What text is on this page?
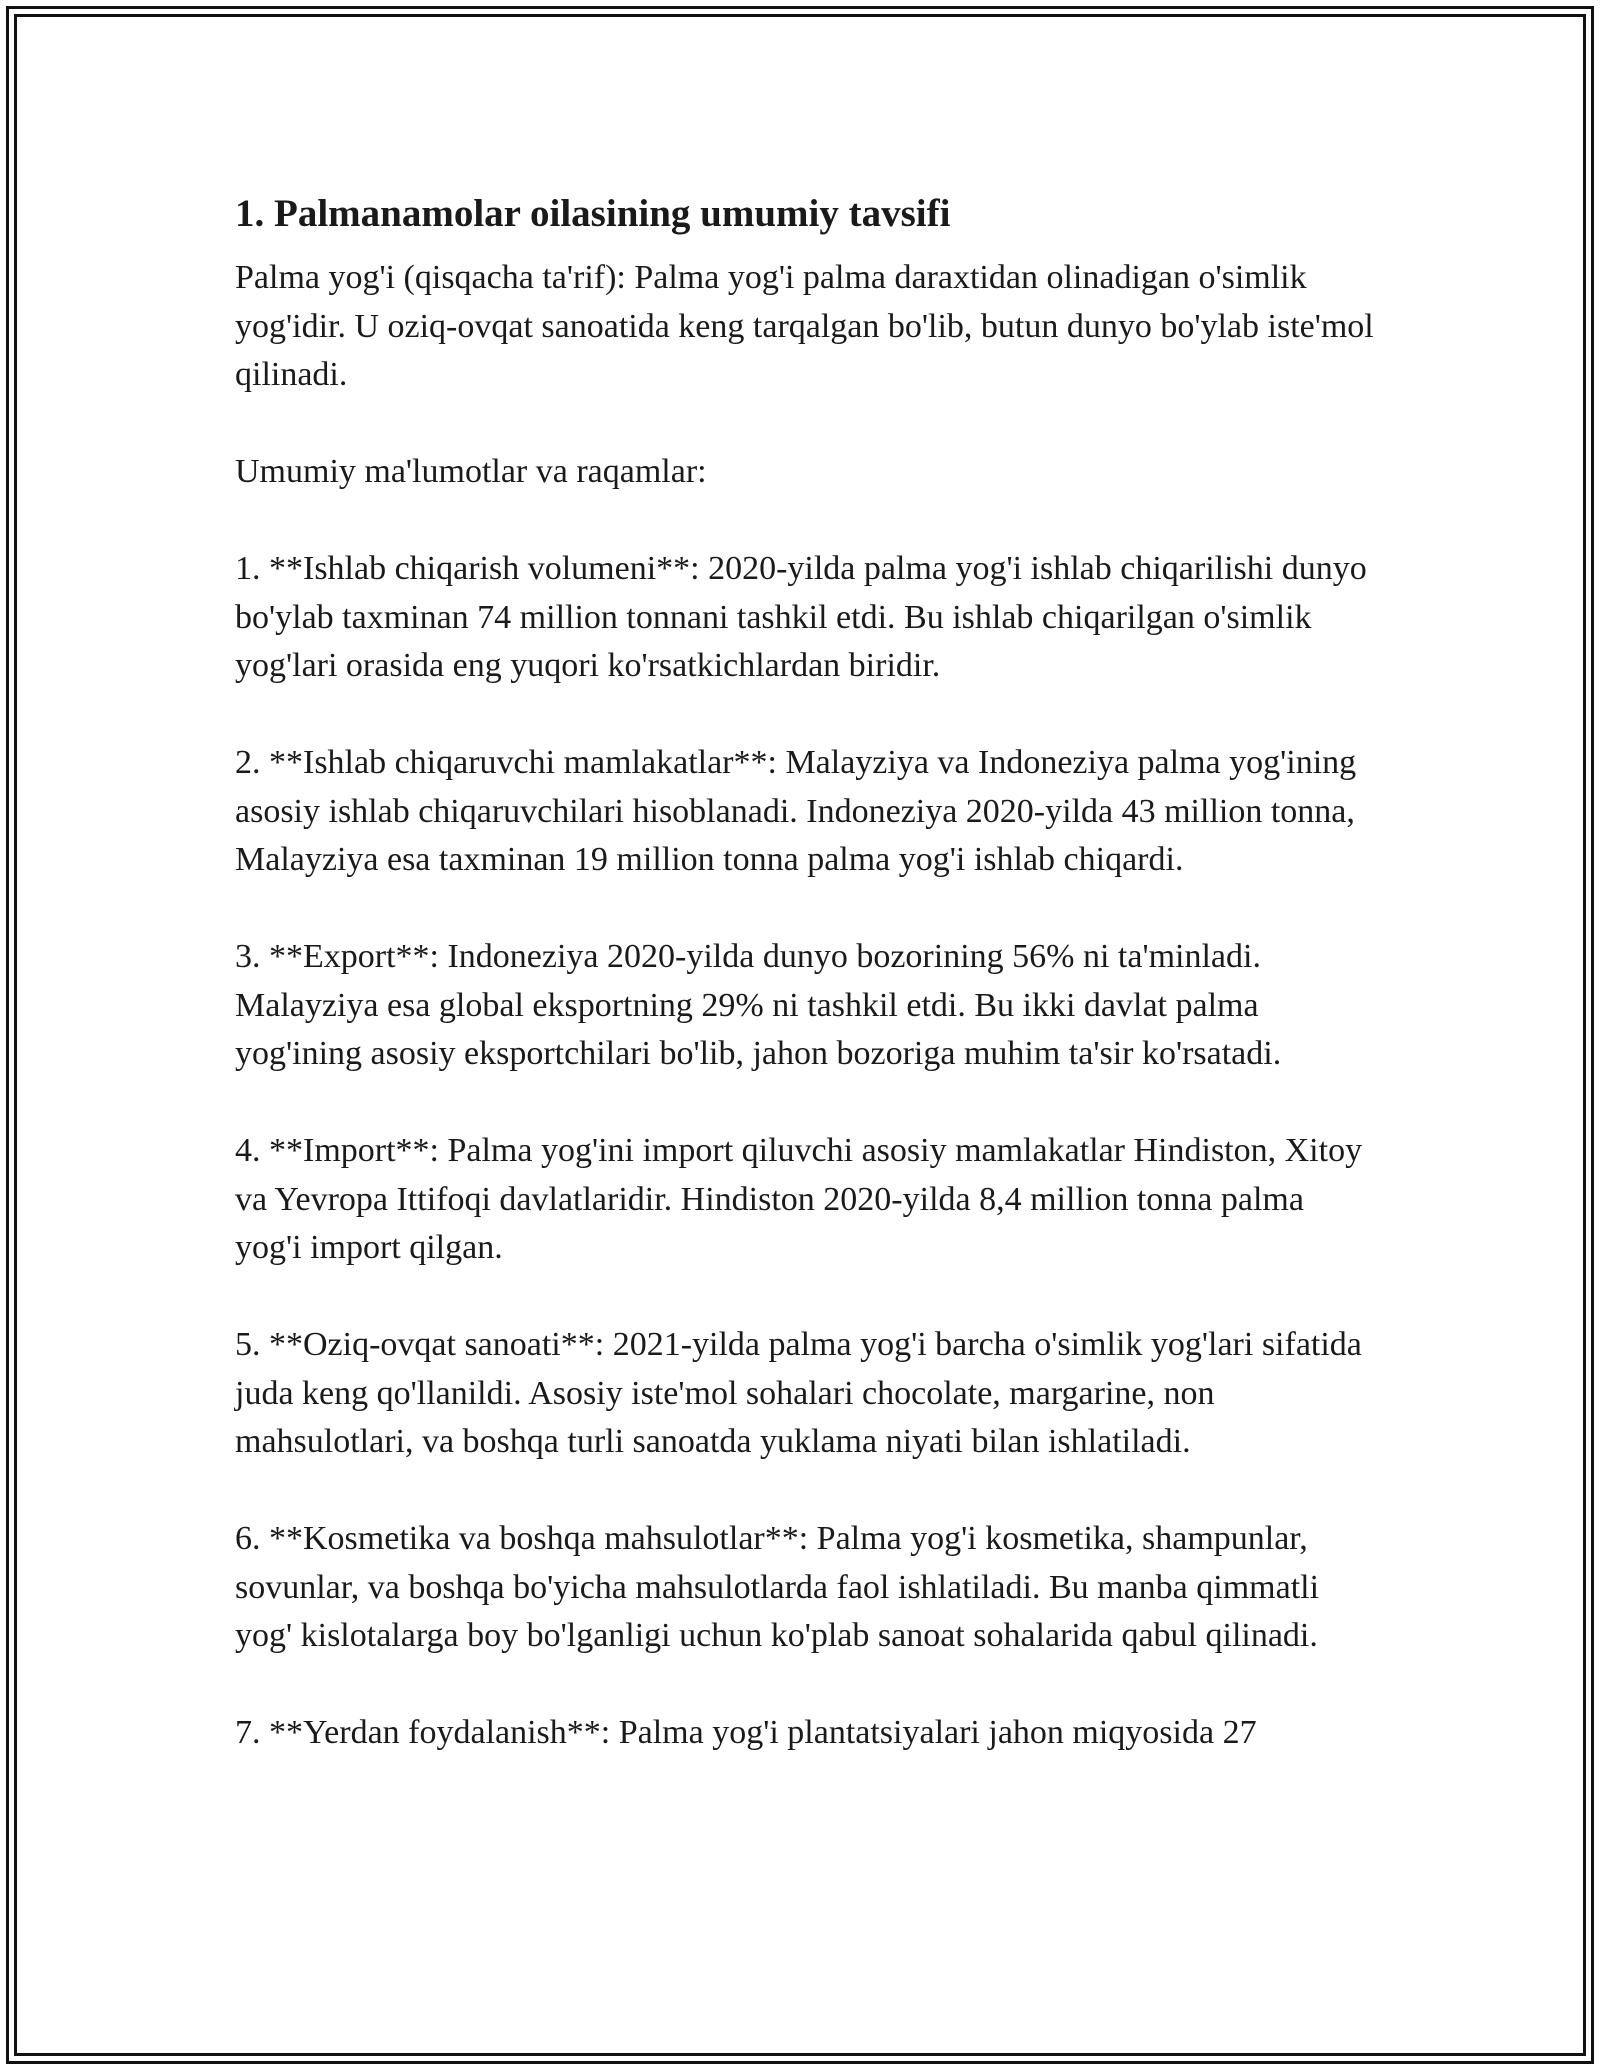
1. Palmanamolar oilasining umumiy tavsifi
Palma yog'i (qisqacha ta'rif): Palma yog'i palma daraxtidan olinadigan o'simlik yog'idir. U oziq-ovqat sanoatida keng tarqalgan bo'lib, butun dunyo bo'ylab iste'mol qilinadi.
Umumiy ma'lumotlar va raqamlar:
1. **Ishlab chiqarish volumeni**: 2020-yilda palma yog'i ishlab chiqarilishi dunyo bo'ylab taxminan 74 million tonnani tashkil etdi. Bu ishlab chiqarilgan o'simlik yog'lari orasida eng yuqori ko'rsatkichlardan biridir.
2. **Ishlab chiqaruvchi mamlakatlar**: Malayziya va Indoneziya palma yog'ining asosiy ishlab chiqaruvchilari hisoblanadi. Indoneziya 2020-yilda 43 million tonna, Malayziya esa taxminan 19 million tonna palma yog'i ishlab chiqardi.
3. **Export**: Indoneziya 2020-yilda dunyo bozorining 56% ni ta'minladi. Malayziya esa global eksportning 29% ni tashkil etdi. Bu ikki davlat palma yog'ining asosiy eksportchilari bo'lib, jahon bozoriga muhim ta'sir ko'rsatadi.
4. **Import**: Palma yog'ini import qiluvchi asosiy mamlakatlar Hindiston, Xitoy va Yevropa Ittifoqi davlatlaridir. Hindiston 2020-yilda 8,4 million tonna palma yog'i import qilgan.
5. **Oziq-ovqat sanoati**: 2021-yilda palma yog'i barcha o'simlik yog'lari sifatida juda keng qo'llanildi. Asosiy iste'mol sohalari chocolate, margarine, non mahsulotlari, va boshqa turli sanoatda yuklama niyati bilan ishlatiladi.
6. **Kosmetika va boshqa mahsulotlar**: Palma yog'i kosmetika, shampunlar, sovunlar, va boshqa bo'yicha mahsulotlarda faol ishlatiladi. Bu manba qimmatli yog' kislotalarga boy bo'lganligi uchun ko'plab sanoat sohalarida qabul qilinadi.
7. **Yerdan foydalanish**: Palma yog'i plantatsiyalari jahon miqyosida 27
